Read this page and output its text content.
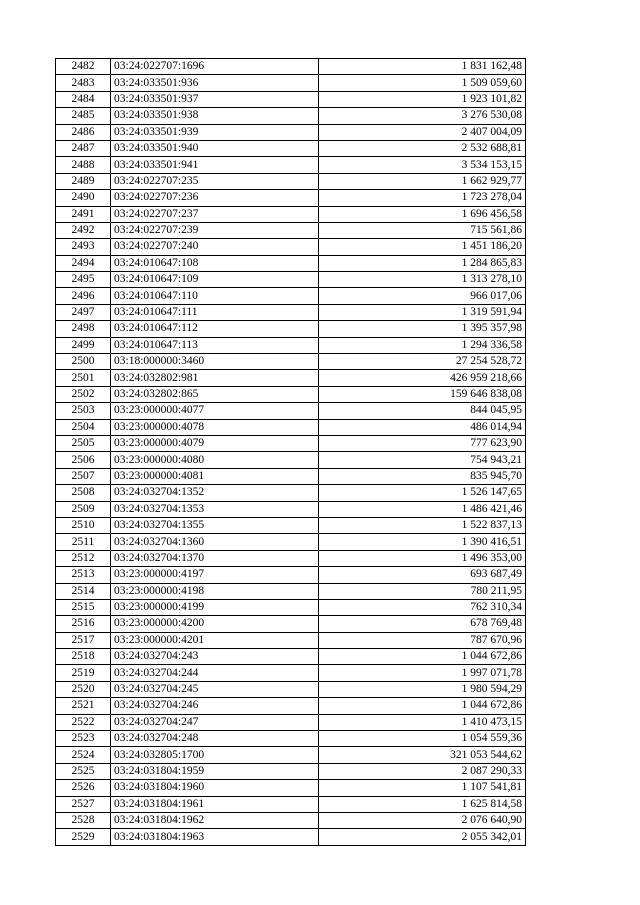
2482	03:24:022707:1696	1 831 162,48
2483	03:24:033501:936	1 509 059,60
2484	03:24:033501:937	1 923 101,82
2485	03:24:033501:938	3 276 530,08
2486	03:24:033501:939	2 407 004,09
2487	03:24:033501:940	2 532 688,81
2488	03:24:033501:941	3 534 153,15
2489	03:24:022707:235	1 662 929,77
2490	03:24:022707:236	1 723 278,04
2491	03:24:022707:237	1 696 456,58
2492	03:24:022707:239	715 561,86
2493	03:24:022707:240	1 451 186,20
2494	03:24:010647:108	1 284 865,83
2495	03:24:010647:109	1 313 278,10
2496	03:24:010647:110	966 017,06
2497	03:24:010647:111	1 319 591,94
2498	03:24:010647:112	1 395 357,98
2499	03:24:010647:113	1 294 336,58
2500	03:18:000000:3460	27 254 528,72
2501	03:24:032802:981	426 959 218,66
2502	03:24:032802:865	159 646 838,08
2503	03:23:000000:4077	844 045,95
2504	03:23:000000:4078	486 014,94
2505	03:23:000000:4079	777 623,90
2506	03:23:000000:4080	754 943,21
2507	03:23:000000:4081	835 945,70
2508	03:24:032704:1352	1 526 147,65
2509	03:24:032704:1353	1 486 421,46
2510	03:24:032704:1355	1 522 837,13
2511	03:24:032704:1360	1 390 416,51
2512	03:24:032704:1370	1 496 353,00
2513	03:23:000000:4197	693 687,49
2514	03:23:000000:4198	780 211,95
2515	03:23:000000:4199	762 310,34
2516	03:23:000000:4200	678 769,48
2517	03:23:000000:4201	787 670,96
2518	03:24:032704:243	1 044 672,86
2519	03:24:032704:244	1 997 071,78
2520	03:24:032704:245	1 980 594,29
2521	03:24:032704:246	1 044 672,86
2522	03:24:032704:247	1 410 473,15
2523	03:24:032704:248	1 054 559,36
2524	03:24:032805:1700	321 053 544,62
2525	03:24:031804:1959	2 087 290,33
2526	03:24:031804:1960	1 107 541,81
2527	03:24:031804:1961	1 625 814,58
2528	03:24:031804:1962	2 076 640,90
2529	03:24:031804:1963	2 055 342,01
